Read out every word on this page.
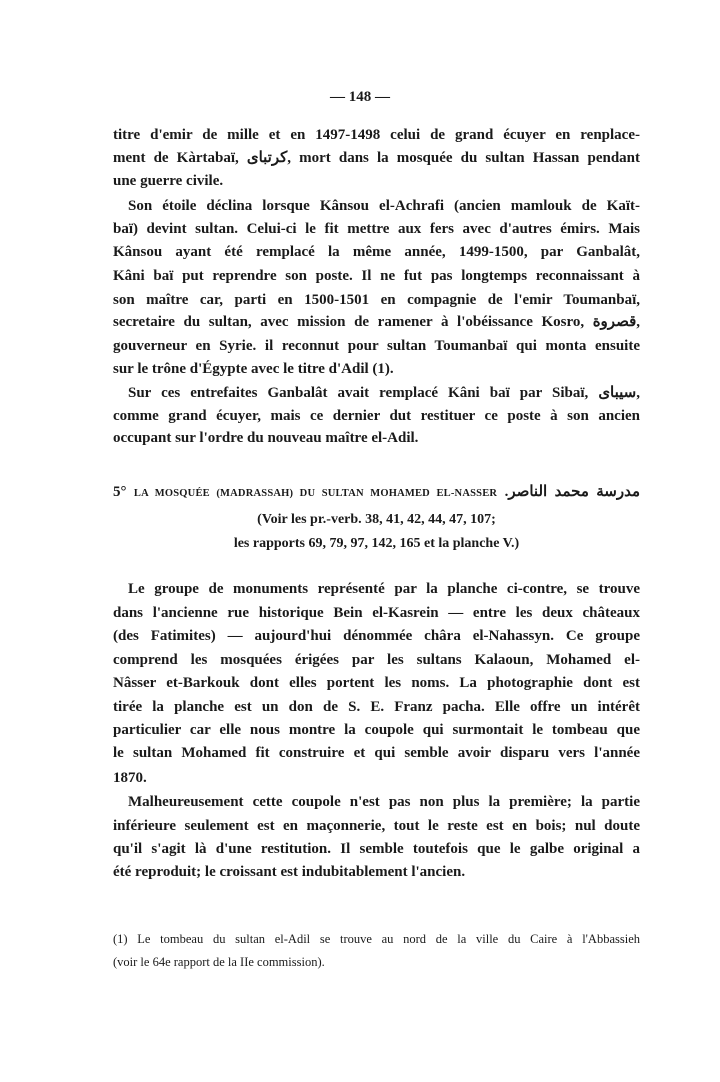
— 148 —
titre d'emir de mille et en 1497-1498 celui de grand écuyer en renplace-
ment de Kàrtabaï, كرتباى, mort dans la mosquée du sultan Hassan pendant
une guerre civile.
Son étoile déclina lorsque Kânsou el-Achrafi (ancien mamlouk de Kaït-
baï) devint sultan. Celui-ci le fit mettre aux fers avec d'autres émirs. Mais
Kânsou ayant été remplacé la même année, 1499-1500, par Ganbalât,
Kâni baï put reprendre son poste. Il ne fut pas longtemps reconnaissant à
son maître car, parti en 1500-1501 en compagnie de l'emir Toumanbaï,
secretaire du sultan, avec mission de ramener à l'obéissance Kosro, قصروة,
gouverneur en Syrie. il reconnut pour sultan Toumanbaï qui monta ensuite
sur le trône d'Égypte avec le titre d'Adil (1).
Sur ces entrefaites Ganbalât avait remplacé Kâni baï par Sibaï, سيباى,
comme grand écuyer, mais ce dernier dut restituer ce poste à son ancien
occupant sur l'ordre du nouveau maître el-Adil.
5° LA MOSQUÉE (MADRASSAH) DU SULTAN MOHAMED EL-NASSER مدرسة محمد الناصر.
(Voir les pr.-verb. 38, 41, 42, 44, 47, 107;
les rapports 69, 79, 97, 142, 165 et la planche V.)
Le groupe de monuments représenté par la planche ci-contre, se trouve
dans l'ancienne rue historique Bein el-Kasrein — entre les deux châteaux
(des Fatimites) — aujourd'hui dénommée châra el-Nahassyn. Ce groupe
comprend les mosquées érigées par les sultans Kalaoun, Mohamed el-
Nâsser et-Barkouk dont elles portent les noms. La photographie dont est
tirée la planche est un don de S. E. Franz pacha. Elle offre un intérêt
particulier car elle nous montre la coupole qui surmontait le tombeau que
le sultan Mohamed fit construire et qui semble avoir disparu vers l'année
1870.
Malheureusement cette coupole n'est pas non plus la première; la partie
inférieure seulement est en maçonnerie, tout le reste est en bois; nul doute
qu'il s'agit là d'une restitution. Il semble toutefois que le galbe original a
été reproduit; le croissant est indubitablement l'ancien.
(1) Le tombeau du sultan el-Adil se trouve au nord de la ville du Caire à l'Abbassieh
(voir le 64e rapport de la IIe commission).
